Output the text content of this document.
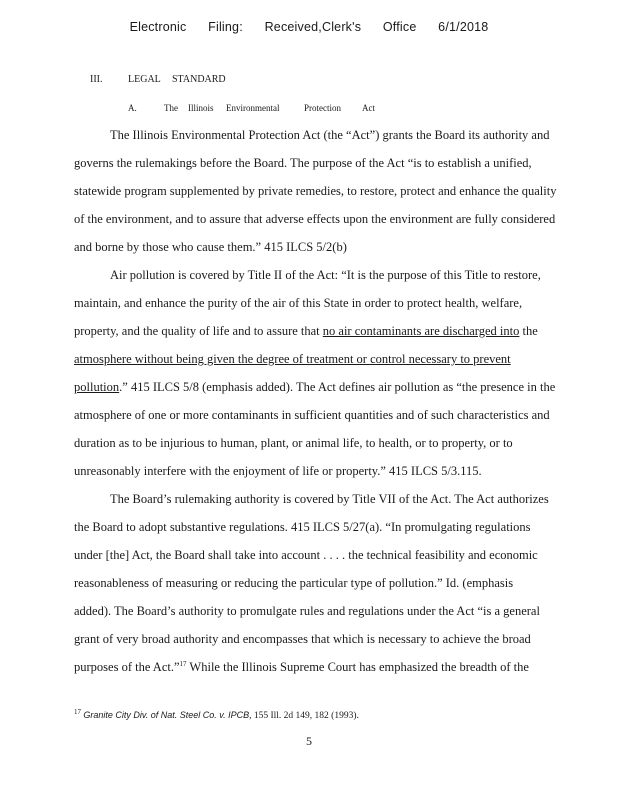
Electronic Filing: Received,Clerk's Office 6/1/2018
III.	LEGAL STANDARD
A.	The Illinois Environmental	Protection Act
The Illinois Environmental Protection Act (the “Act”) grants the Board its authority and
governs the rulemakings before the Board. The purpose of the Act “is to establish a unified,
statewide program supplemented by private remedies, to restore, protect and enhance the quality
of the environment, and to assure that adverse effects upon the environment are fully considered
and borne by those who cause them.” 415 ILCS 5/2(b)
Air pollution is covered by Title II of the Act: “It is the purpose of this Title to restore,
maintain, and enhance the purity of the air of this State in order to protect health, welfare,
property, and the quality of life and to assure that no air contaminants are discharged into the
atmosphere without being given the degree of treatment or control necessary to prevent
pollution.” 415 ILCS 5/8 (emphasis added). The Act defines air pollution as “the presence in the
atmosphere of one or more contaminants in sufficient quantities and of such characteristics and
duration as to be injurious to human, plant, or animal life, to health, or to property, or to
unreasonably interfere with the enjoyment of life or property.” 415 ILCS 5/3.115.
The Board’s rulemaking authority is covered by Title VII of the Act. The Act authorizes
the Board to adopt substantive regulations. 415 ILCS 5/27(a). “In promulgating regulations
under [the] Act, the Board shall take into account . . . . the technical feasibility and economic
reasonableness of measuring or reducing the particular type of pollution.” Id. (emphasis
added). The Board’s authority to promulgate rules and regulations under the Act “is a general
grant of very broad authority and encompasses that which is necessary to achieve the broad
purposes of the Act.”$^{17}$ While the Illinois Supreme Court has emphasized the breadth of the
$^{17}$ Granite City Div. of Nat. Steel Co. v. IPCB, 155 Ill. 2d 149, 182 (1993).
5
